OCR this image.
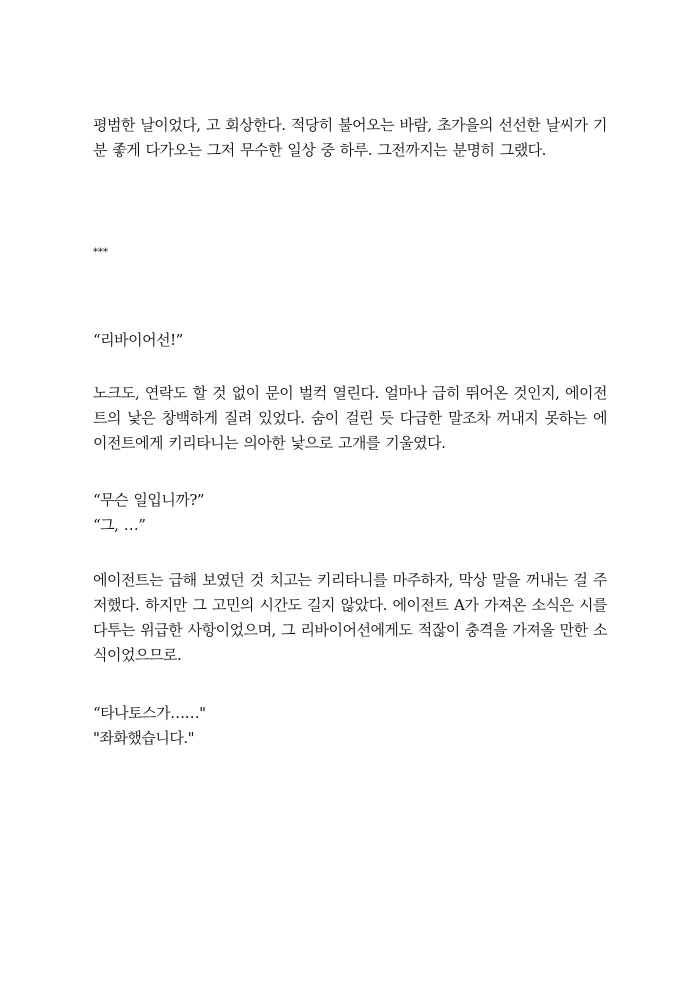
평범한 날이었다, 고 회상한다. 적당히 불어오는 바람, 초가을의 선선한 날씨가 기분 좋게 다가오는 그저 무수한 일상 중 하루. 그전까지는 분명히 그랬다.

***

“리바이어선!”

노크도, 연락도 할 것 없이 문이 벌컥 열린다. 얼마나 급히 뛰어온 것인지, 에이전트의 낯은 창백하게 질려 있었다. 숨이 걸린 듯 다급한 말조차 꺼내지 못하는 에이전트에게 키리타니는 의아한 낯으로 고개를 기울였다.

“무슨 일입니까?”

“그, …”

에이전트는 급해 보였던 것 치고는 키리타니를 마주하자, 막상 말을 꺼내는 걸 주저했다. 하지만 그 고민의 시간도 길지 않았다. 에이전트 A가 가져온 소식은 시를 다투는 위급한 사항이었으며, 그 리바이어선에게도 적잖이 충격을 가져올 만한 소식이었으므로.

“타나토스가……"

"좌화했습니다."
